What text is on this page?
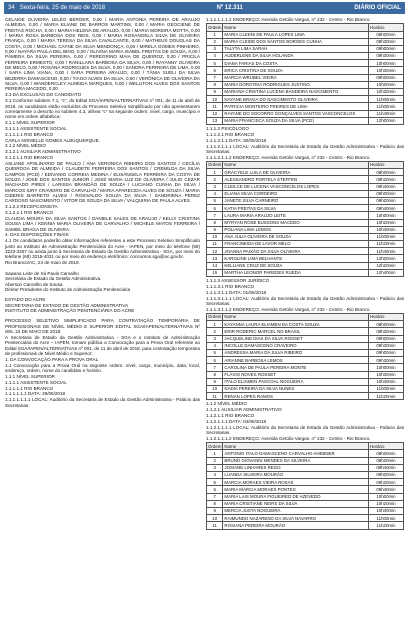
34 Sexta-feira, 25 de maio de 2018	Nº 12.311	DIÁRIO OFICIAL

CELAIDE OLIVEIRA LELÉO BERGER, 0,00 / MARIA ANTONIA PEREIRA DE ARAUJO ALMEIDA, 0,00 / MARIA ELIANE DE BARROS MARTINS, 0,00 / MARIA GEOCIENE DE FREITAS ROCHA, 0,00 / MARIA HELENA DE ARAUJO, 0,00 / MARIA MOREIRA MOTTA, 0,00 / MARIA ROSA BARBOSA DOS REIS, 0,00 / MARIA ROSANGELA SILVA DE OLIVEIRA FRANÇA, 0,00 / MARIA TERESA DA SILVA CAVALCANTE, 0,00 / MATHEUS DOUGLAS DA COSTA, 0,00 / MICHAEL CAYNE DA SILVA MENDONÇA, 0,00 / MIRELA GOMES PINHEIRO, 0,00 / NAYARA PAULA DEL BINO, 0,00 / OLIVINA MARIA ISABEL FREITAS DE SOUZA, 0,00 / PÂMERA DA SILVA PEREIRA, 0,00 / PEREGRINO MAIA DE QUEIROZ, 0,00 / PRICILA FERREIRA ERMESTO, 0,00 / RANILLARA BARBOSA DA SILVA, 0,00 / RAYANNY OLIVEIRA DE MELO, 0,00 / ROSANA RODRIGUES DA SILVA, 0,00 / SANDRA FERREIRA DE LIMA, 0,00 / SARA LIMA VIANA, 0,00 / SARA PEREIRA ARAÚJO, 0,00 / TÂNIA SUELI DA SILVA BEZERRA DAMASCENO, 0,00 / TIAGO ALVES DA SILVA, 0,00 / VERÔNICA DE OLIVEIRA DA SILVA, 0,00 / WANDERCLEY ALMEIDA MARQUES, 0,00 / WELLITON ALVES DOS SANTOS PEREIRA MACEDO, 0,00

3.3 DA EXCLUSÃO DO CANDIDATO

3.1 Conforme subitem 7.1, "c", do Edital SGA/IAPEN/ALTERNATIVAS nº 001, de 11 de abril de 2018, os candidatos estão excluídos do Processo Seletivo Simplificado por não apresentarem corretamente o descrito no subitem 4.3, alínea "c" na seguinte ordem: nível, cargo, município e nome em ordem alfabética:

3.1.1 NÍVEL SUPERIOR

3.1.1.1 ASSISTENTE SOCIAL

3.1.1.1.1 RIO BRANCO

CARLA NONIELLE GOMES ALBUQUERQUE.

3.1.2 NÍVEL MÉDIO

3.1.2.1 AUXILIAR ADMINISTRATIVO

3.1.2.1.1 RIO BRANCO

ASLIANE APOLINÁRIO DE PAULO / ANA VERONICA RIBEIRO DOS SANTOS / CECÍLIA QUEIROGA DE ALMEIDA / CLAUDETE FERREIRA DOS SANTOS / CREMILDA DA SILVA CAMPOS (PCD) / EDIVANIO CORREIA MEDINA / ELISÂNGELA FERREIRA DA COSTA DE SOUZA / JOSÉ DOS SANTOS JUNIOR / JOSÉ MARIA LUZ DE OLIVEIRA / JULIO CEZAR MACHADO PIRES / LARISSA BRANDÃO DE SOUZA / LUCIANO CUNHA DA SILVA / MARCOS IURY CRAVEIRO DE CARVALHO / MARIA APARECIDA ALVES DE SOUZA / MARIA CIDERIS BARRETO ALVES / ROSIVALDO SOUZA DA SILVA / SANDRIENA PEREZ CARDOSO NASCIMENTO / VITOR DE SOUZA DA SILVA / VALQUIRIA DE PAULA ALVES.

3.1.2.2 RECEPCIONISTA

3.1.2.2.1 RIO BRANCO

CLAUDIA MOURA DA SILVA SANTOS / DANIELE SALES DE ARAUJO / KELLY CRISTINA SOUSA LIMA / KENNIA MARIA OLIVEIRA DE CARVALHO / MICHELE MATOS FERREIRA / SAMIEL BRAGA DE OLIVEIRA.

4. DAS DISPOSIÇÕES FINAIS

4.1 Os candidatos poderão obter informações referentes a este Processo Seletivo Simplificado junto ao Instituto de Administração Penitenciária do Acre - IAPEN, por meio do telefone (68) 3223-2257 ou ainda junto à Secretaria de Estado da Gestão Administrativa - SGA, por meio do telefone (68) 3215-4031 ou por meio do endereço eletrônico: concursos.sga@ac.gov.br.

Rio Branco/AC, 24 de maio de 2018.

Sawana Leite de Sá Paulo Carvalho

Secretária de Estado da Gestão Administrativa

Aberson Carvalho de Sousa

Diretor Presidente do Instituto de Administração Penitenciária

ESTADO DO ACRE

SECRETARIA DE ESTADO DE GESTÃO ADMINISTRATIVA

INSTITUTO DE ADMINISTRAÇÃO PENITENCIÁRIA DO ACRE

PROCESSO SELETIVO SIMPLIFICADO PARA CONTRATAÇÃO TEMPORÁRIA DE PROFISSIONAIS DE NÍVEL MÉDIO E SUPERIOR EDITAL SGA/IAPEN/ALTERNATIVAS Nº 006, 24 DE MAIO DE 2018.

A Secretaria de Estado da Gestão Administrativa - SGA e o Instituto de Administração Penitenciária do Acre – IAPEN, tornam pública a Convocação para a Prova Oral referente ao Edital SGA/IAPEN/ALTERNATIVAS nº 001, de 11 de abril de 2018, para contratação temporária de profissionais de Nível Médio e Superior:

1. DA CONVOCAÇÃO PARA A PROVA ORAL

1.1 Convocação para a Prova Oral na seguinte ordem: nível, cargo, município, data, local, endereço, ordem, nome do candidato e horário.

1.1.1 NÍVEL SUPERIOR

1.1.1.1 ASSISTENTE SOCIAL

1.1.1.1.1 RIO BRANCO

1.1.1.1.1.1 DATA: 29/05/2018

1.1.1.1.1.1.1 LOCAL: Auditório da Secretaria de Estado da Gestão Administrativa - Palácio das Secretarias.

1.1.1.1.1.1.2 ENDEREÇO: Avenida Getúlio Vargas, nº 232 - Centro - Rio Branco.

Ordem	Nome	Horário
1	MARIA CLEENI DE PAULA LOPES LIMA	08h00min
2	MARIA CLEIDE DOS SANTOS BORGES CUNHA	08h30min
3	TALYTA LIMA SARAH	09h00min
4	AUDERLENE DA SILVA HOLANDA	09h30min
5	DIANA FARIAS DA COSTA	10h00min
6	ERICA CRISTINA DE SOUZA	10h30min
7	MARCIA WRUBEL VIEIRA	09h00min
8	MARIA DOROTEIA RODRIGUES JUSTINO	10h00min
9	MARIANA CRISTINA LUCENA BANDEIRA NASCIMENTO	10h30min
10	NAYANE BRAGA DO NASCIMENTO OLIVEIRA	11h00min
11	PATRICIA MONTEIRO FREIRES DE LIMA	11h00min
12	RAYANE DO SOCORRO GONÇALVES SANTOS VASCONCELOS	11h40min
13	MARIA FRANCISCA SOUZA DA SILVA (PCD)	12h00min

1.1.1.2 PSICÓLOGO

1.1.1.2.1 RIO BRANCO

1.1.1.2.1.1 DATA: 30/05/2018

1.1.1.2.1.1.1 LOCAL: Auditório da Secretaria de Estado da Gestão Administrativa - Palácio das Secretarias.

1.1.1.2.1.1.2 ENDEREÇO: Avenida Getúlio Vargas, nº 232 - Centro - Rio Branco.

Ordem	Nome	Horário
1	GRACYELE LUILA DE OLIVEIRA	08h00min
2	ALESSANDRO PORTELA STEFFEN	08h20min
3	CLEILCE DE LUCENA VASCONCELOS LOPES	08h40min
4	ELIANA SILVA CORDEIRO	09h00min
5	JANETE SILVA CARNEIRO	09h20min
6	KATIA FREITAS DA SILVA	09h40min
7	LAURA MARIA ARAÚJO LEITE	10h00min
8	MYRYAN ROSE BUSSONS MACEDO	10h20min
9	POLIANA LIMA LEMOS	10h40min
10	ANA JULIA OLIVEIRA DE SOUZA	11h00min
11	FRANCINEIDA DE LAVOR MELO	11h20min
12	JOANNA PAIXÃO DA SILVA OLIVEIRA	11h40min
13	KAROLINE LIMA BELHANTE	12h00min
14	KELLIANE CRUZ DE SOUZA	12h20min
15	MARTHA LEONOR PAREDES RUEDA	12h40min

1.1.1.3 ASSESSOR JURÍDICO

1.1.1.3.1 RIO BRANCO

1.1.1.3.1.1 DATA: 01/06/2018

1.1.1.3.1.1.1 LOCAL: Auditório da Secretaria de Estado da Gestão Administrativa - Palácio das Secretarias.

1.1.1.3.1.1.2 ENDEREÇO: Avenida Getúlio Vargas, nº 232 - Centro - Rio Branco.

Ordem	Nome	Horário
1	KAYANNA LAURA ELIAMEN DA COSTA SOUZA	08h00min
2	ERIR RODERIC MARCEL NO BRASIL	08h30min
3	JACQUELINE DIAS DA SILVA ROSSET	09h00min
4	INCOLLE DAMASCENO CRAVEIRO	09h30min
5	ANDRESSA MARIA DA SILVA RIBEIRO	09h00min
6	ARIANNE BARBOSA LEMOS	09h30min
7	CAROLINA DE PAULA PEREIRA MONTE	10h00min
8	FLÁVIO NOVES ROSSET	10h30min
9	ITALO ELIAMEN PASCOAL NOGUEIRA	10h40min
10	NADIA PEREIRA DA SILVA NUNES	11h00min
11	RENAN LOPES RAMOS	11h20min

1.1.2 NÍVEL MÉDIO

1.1.2.1 AUXILIAR ADMINISTRATIVO

1.1.2.1.1 RIO BRANCO

1.1.2.1.1.1 DATA: 04/06/2018

1.1.2.1.1.1.1 LOCAL: Auditório da Secretaria de Estado da Gestão Administrativa - Palácio das Secretarias.

1.1.2.1.1.1.2 ENDEREÇO: Avenida Getúlio Vargas, nº 232 - Centro - Rio Branco.

Ordem	Nome	Horário
1	ANTONIO ITALO DAMASCENO CARVALHO AHEBNER	08h00min
2	BRUNO GIOVANNI MENDES DA SILVEIRA	08h20min
3	JOSIANE LINHARES REGO	08h40min
4	LUANDA SILVEIRA MOURÃO	09h00min
5	MARCIA MORAES VIEIRA ROSAS	09h20min
6	MARIA MARCIA MORAES PONTES	09h40min
7	MARIA LAIS MOURA FIGUEIRED DE AZEVEDO	10h00min
8	MARIA CRISTIANE NEIRS DA SILVA	10h20min
9	MERCIA JUSTA NOGUEIRA	10h40min
10	RAIMUNDO NAZARENO DA SILVA NAVARRO	11h00min
11	ROSIANA PEREIRA MOURÃO	11h20min
